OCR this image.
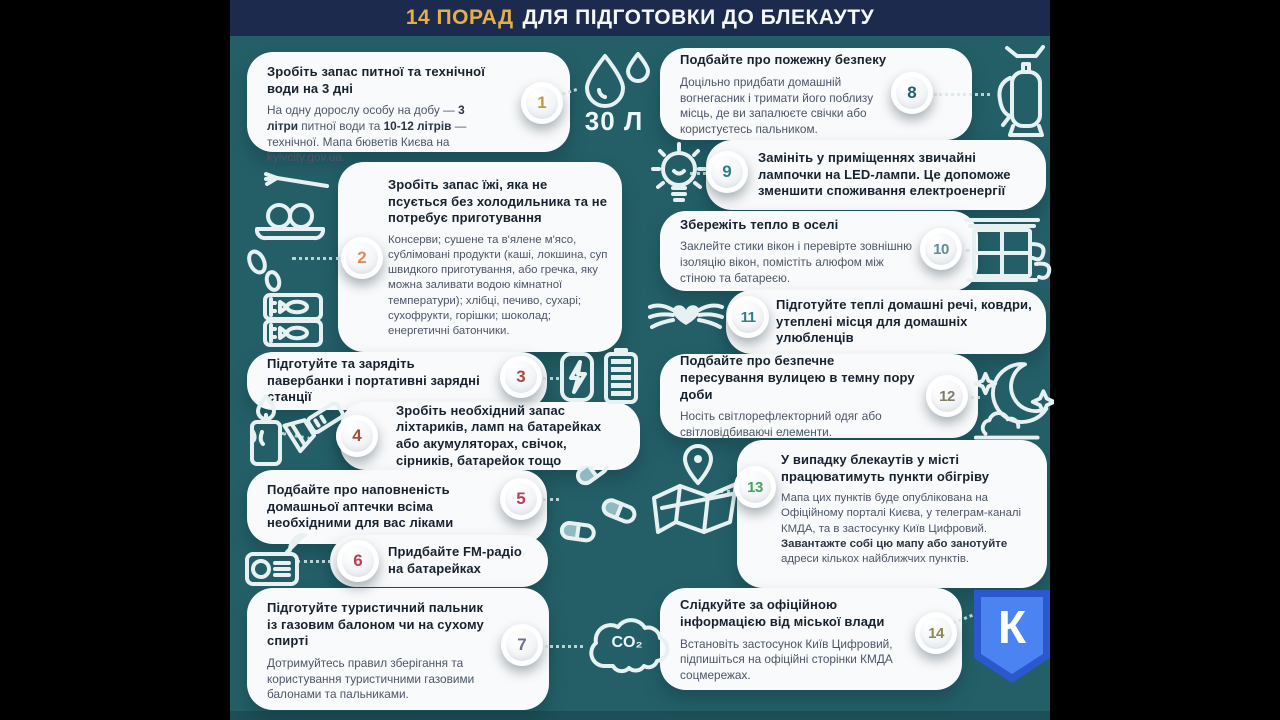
14 ПОРАД ДЛЯ ПІДГОТОВКИ ДО БЛЕКАУТУ
Зробіть запас питної та технічної води на 3 дні

На одну дорослу особу на добу — 3 літри питної води та 10-12 літрів — технічної. Мапа бюветів Києва на kyivcity.gov.ua.

Зробіть запас їжі, яка не псується без холодильника та не потребує приготування

Консерви; сушене та в'ялене м'ясо, сублімовані продукти (каші, локшина, суп швидкого приготування, або гречка, яку можна заливати водою кімнатної температури); хлібці, печиво, сухарі; сухофрукти, горішки; шоколад; енергетичні батончики.

Підготуйте та зарядіть павербанки і портативні зарядні станції
Зробіть необхідний запас ліхтариків, ламп на батарейках або акумуляторах, свічок, сірників, батарейок тощо
Подбайте про наповненість домашньої аптечки всіма необхідними для вас ліками
Придбайте FM-радіо на батарейках
Підготуйте туристичний пальник із газовим балоном чи на сухому спирті

Дотримуйтесь правил зберігання та користування туристичними газовими балонами та пальниками.

Подбайте про пожежну безпеку

Доцільно придбати домашній вогнегасник і тримати його поблизу місць, де ви запалюєте свічки або користуєтесь пальником.

Замініть у приміщеннях звичайні лампочки на LED-лампи. Це допоможе зменшити споживання електроенергії
Збережіть тепло в оселі

Заклейте стики вікон і перевірте зовнішню ізоляцію вікон, помістіть алюфом між стіною та батареєю.

Підготуйте теплі домашні речі, ковдри, утеплені місця для домашніх улюбленців
Подбайте про безпечне пересування вулицею в темну пору доби

Носіть світлорефлекторний одяг або світловідбиваючі елементи.

У випадку блекаутів у місті працюватимуть пункти обігріву

Мапа цих пунктів буде опублікована на Офіційному порталі Києва, у телеграм-каналі КМДА, та в застосунку Київ Цифровий. Завантажте собі цю мапу або занотуйте адреси кількох найближчих пунктів.

Слідкуйте за офіційною інформацією від міської влади

Встановіть застосунок Київ Цифровий, підпишіться на офіційні сторінки КМДА соцмережах.

1
2
3
4
5
6
7
8
9
10
11
12
13
14
30 Л
CO₂	К
